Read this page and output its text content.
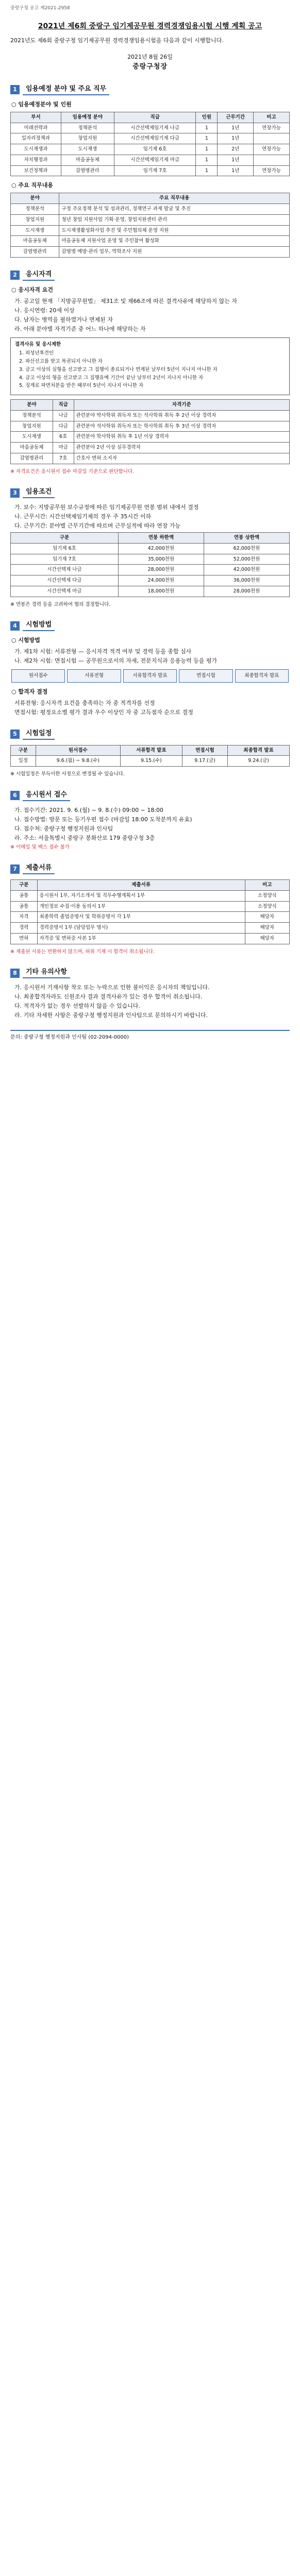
중랑구청 공고 제2021-2958
2021년 제6회 중랑구 임기제공무원 경력경쟁임용시험 시행 계획 공고

2021년도 제6회 중랑구청 임기제공무원 경력경쟁임용시험을 다음과 같이 시행합니다.

2021년 8월 26일
중랑구청장
1	임용예정 분야 및 주요 직무
○ 임용예정분야 및 인원
부서	임용예정 분야	직급	인원	근무기간	비고
미래전략과	정책분석	시간선택제임기제 나급	1	1년	연장가능
일자리정책과	창업지원	시간선택제임기제 다급	1	1년	
도시재생과	도시재생	임기제 6호	1	2년	연장가능
자치행정과	마을공동체	시간선택제임기제 마급	1	1년	
보건정책과	감염병관리	임기제 7호	1	1년	연장가능
○ 주요 직무내용
분야	주요 직무내용
정책분석	구정 주요정책 분석 및 성과관리, 정책연구 과제 발굴 및 추진
창업지원	청년 창업 지원사업 기획·운영, 창업지원센터 관리
도시재생	도시재생활성화사업 추진 및 주민협의체 운영 지원
마을공동체	마을공동체 지원사업 운영 및 주민참여 활성화
감염병관리	감염병 예방·관리 업무, 역학조사 지원
2	응시자격
○ 응시자격 요건
가. 공고일 현재 「지방공무원법」 제31조 및 제66조에 따른 결격사유에 해당하지 않는 자
나. 응시연령: 20세 이상
다. 남자는 병역을 필하였거나 면제된 자
라. 아래 분야별 자격기준 중 어느 하나에 해당하는 자
결격사유 및 응시제한
1. 피성년후견인
2. 파산선고를 받고 복권되지 아니한 자
3. 금고 이상의 실형을 선고받고 그 집행이 종료되거나 면제된 날부터 5년이 지나지 아니한 자
4. 금고 이상의 형을 선고받고 그 집행유예 기간이 끝난 날부터 2년이 지나지 아니한 자
5. 징계로 파면처분을 받은 때부터 5년이 지나지 아니한 자
분야	직급	자격기준
정책분석	나급	관련분야 박사학위 취득자 또는 석사학위 취득 후 2년 이상 경력자
창업지원	다급	관련분야 석사학위 취득자 또는 학사학위 취득 후 3년 이상 경력자
도시재생	6호	관련분야 학사학위 취득 후 1년 이상 경력자
마을공동체	마급	관련분야 2년 이상 실무경력자
감염병관리	7호	간호사 면허 소지자
※ 자격요건은 응시원서 접수 마감일 기준으로 판단합니다.
3	임용조건
가. 보수: 지방공무원 보수규정에 따른 임기제공무원 연봉 범위 내에서 결정
나. 근무시간: 시간선택제임기제의 경우 주 35시간 이하
다. 근무기간: 분야별 근무기간에 따르며 근무실적에 따라 연장 가능
구분	연봉 하한액	연봉 상한액
임기제 6호	42,000천원	62,000천원
임기제 7호	35,000천원	52,000천원
시간선택제 나급	28,000천원	42,000천원
시간선택제 다급	24,000천원	36,000천원
시간선택제 마급	18,000천원	28,000천원
※ 연봉은 경력 등을 고려하여 협의 결정합니다.
4	시험방법
○ 시험방법
가. 제1차 시험: 서류전형 — 응시자격 적격 여부 및 경력 등을 종합 심사
나. 제2차 시험: 면접시험 — 공무원으로서의 자세, 전문지식과 응용능력 등을 평가
원서접수	서류전형	서류합격자 발표	면접시험	최종합격자 발표
○ 합격자 결정
서류전형: 응시자격 요건을 충족하는 자 중 적격자를 선정
면접시험: 평정요소별 평가 결과 우수 이상인 자 중 고득점자 순으로 결정
5	시험일정
구분	원서접수	서류합격 발표	면접시험	최종합격 발표
일정	9.6.(월) ~ 9.8.(수)	9.15.(수)	9.17.(금)	9.24.(금)
※ 시험일정은 부득이한 사정으로 변경될 수 있습니다.
6	응시원서 접수
가. 접수기간: 2021. 9. 6.(월) ~ 9. 8.(수) 09:00 ~ 18:00
나. 접수방법: 방문 또는 등기우편 접수 (마감일 18:00 도착분까지 유효)
다. 접수처: 중랑구청 행정지원과 인사팀
라. 주소: 서울특별시 중랑구 봉화산로 179 중랑구청 3층
※ 이메일 및 팩스 접수 불가
7	제출서류
구분	제출서류	비고
공통	응시원서 1부, 자기소개서 및 직무수행계획서 1부	소정양식
공통	개인정보 수집·이용 동의서 1부	소정양식
자격	최종학력 졸업증명서 및 학위증명서 각 1부	해당자
경력	경력증명서 1부 (담당업무 명시)	해당자
면허	자격증 및 면허증 사본 1부	해당자
※ 제출된 서류는 반환하지 않으며, 허위 기재 시 합격이 취소됩니다.
8	기타 유의사항
가. 응시원서 기재사항 착오 또는 누락으로 인한 불이익은 응시자의 책임입니다.
나. 최종합격자라도 신원조사 결과 결격사유가 있는 경우 합격이 취소됩니다.
다. 적격자가 없는 경우 선발하지 않을 수 있습니다.
라. 기타 자세한 사항은 중랑구청 행정지원과 인사팀으로 문의하시기 바랍니다.
문의: 중랑구청 행정지원과 인사팀 (02-2094-0000)
